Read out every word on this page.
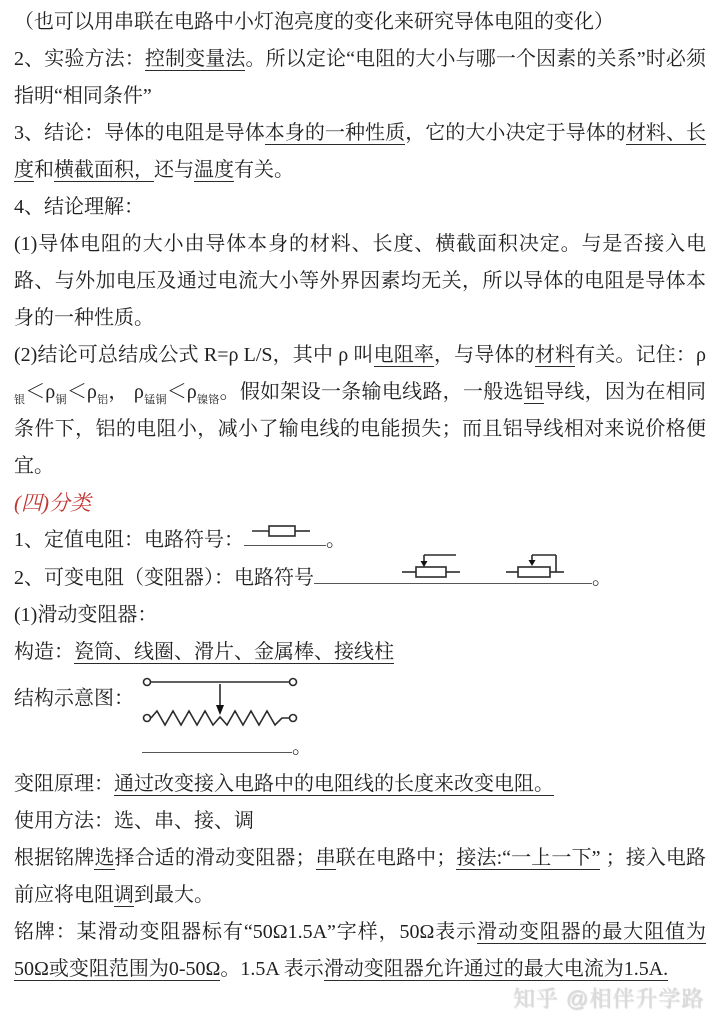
（也可以用串联在电路中小灯泡亮度的变化来研究导体电阻的变化）

2、实验方法：控制变量法。所以定论“电阻的大小与哪一个因素的关系”时必须指明“相同条件”

3、结论：导体的电阻是导体本身的一种性质，它的大小决定于导体的材料、长度和横截面积，还与温度有关。

4、结论理解：

(1)导体电阻的大小由导体本身的材料、长度、横截面积决定。与是否接入电路、与外加电压及通过电流大小等外界因素均无关，所以导体的电阻是导体本身的一种性质。

(2)结论可总结成公式 R=ρ L/S，其中 ρ 叫电阻率，与导体的材料有关。记住：$\rho_银<\rho_铜<\rho_铝$， $\rho_{锰铜}<\rho_{镍铬}$。假如架设一条输电线路，一般选铝导线，因为在相同条件下，铝的电阻小，减小了输电线的电能损失；而且铝导线相对来说价格便宜。

(四)分类

1、定值电阻：电路符号：	。

2、可变电阻（变阻器）：电路符号	。

(1)滑动变阻器：

构造：瓷筒、线圈、滑片、金属棒、接线柱

结构示意图：

。

变阻原理：通过改变接入电路中的电阻线的长度来改变电阻。

使用方法：选、串、接、调

根据铭牌选择合适的滑动变阻器；串联在电路中；接法:“一上一下” ；接入电路前应将电阻调到最大。

铭牌：某滑动变阻器标有“50Ω1.5A”字样，50Ω表示滑动变阻器的最大阻值为50Ω或变阻范围为0-50Ω。1.5A 表示滑动变阻器允许通过的最大电流为1.5A.

知乎 @相伴升学路
